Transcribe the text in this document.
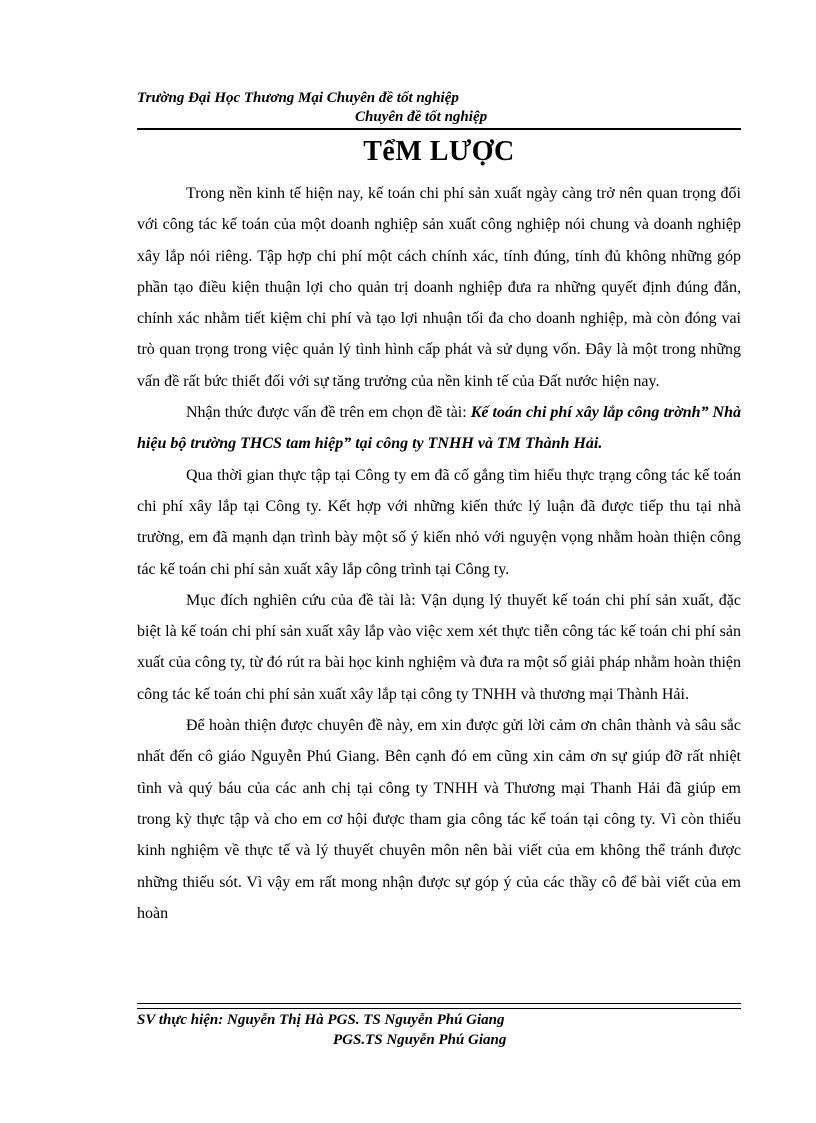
Trường Đại Học Thương Mại Chuyên đề tốt nghiệp
Chuyên đề tốt nghiệp
TểM LƯỢC

Trong nền kinh tế hiện nay, kế toán chi phí sản xuất ngày càng trở nên quan trọng đối với công tác kế toán của một doanh nghiệp sản xuất công nghiệp nói chung và doanh nghiệp xây lắp nói riêng. Tập hợp chi phí một cách chính xác, tính đúng, tính đủ không những góp phần tạo điều kiện thuận lợi cho quản trị doanh nghiệp đưa ra những quyết định đúng đắn, chính xác nhằm tiết kiệm chi phí và tạo lợi nhuận tối đa cho doanh nghiệp, mà còn đóng vai trò quan trọng trong việc quản lý tình hình cấp phát và sử dụng vốn. Đây là một trong những vấn đề rất bức thiết đối với sự tăng trưởng của nền kinh tế của Đất nước hiện nay.

Nhận thức được vấn đề trên em chọn đề tài: Kế toán chi phí xây lắp công trờnh” Nhà hiệu bộ trường THCS tam hiệp” tại công ty TNHH và TM Thành Hải.

Qua thời gian thực tập tại Công ty em đã cố gắng tìm hiểu thực trạng công tác kế toán chi phí xây lắp tại Công ty. Kết hợp với những kiến thức lý luận đã được tiếp thu tại nhà trường, em đã mạnh dạn trình bày một số ý kiến nhỏ với nguyện vọng nhằm hoàn thiện công tác kế toán chi phí sản xuất xây lắp công trình tại Công ty.

Mục đích nghiên cứu của đề tài là: Vận dụng lý thuyết kế toán chi phí sản xuất, đặc biệt là kế toán chi phí sản xuất xây lắp vào việc xem xét thực tiễn công tác kế toán chi phí sản xuất của công ty, từ đó rút ra bài học kinh nghiệm và đưa ra một số giải pháp nhằm hoàn thiện công tác kế toán chi phí sản xuất xây lắp tại công ty TNHH và thương mại Thành Hải.

Để hoàn thiện được chuyên đề này, em xin được gửi lời cảm ơn chân thành và sâu sắc nhất đến cô giáo Nguyễn Phú Giang. Bên cạnh đó em cũng xin cảm ơn sự giúp đỡ rất nhiệt tình và quý báu của các anh chị tại công ty TNHH và Thương mại Thanh Hải đã giúp em trong kỳ thực tập và cho em cơ hội được tham gia công tác kế toán tại công ty. Vì còn thiếu kinh nghiệm về thực tế và lý thuyết chuyên môn nên bài viết của em không thể tránh được những thiếu sót. Vì vậy em rất mong nhận được sự góp ý của các thầy cô để bài viết của em hoàn

SV thực hiện: Nguyễn Thị Hà PGS. TS Nguyễn Phú Giang
PGS.TS Nguyễn Phú Giang
